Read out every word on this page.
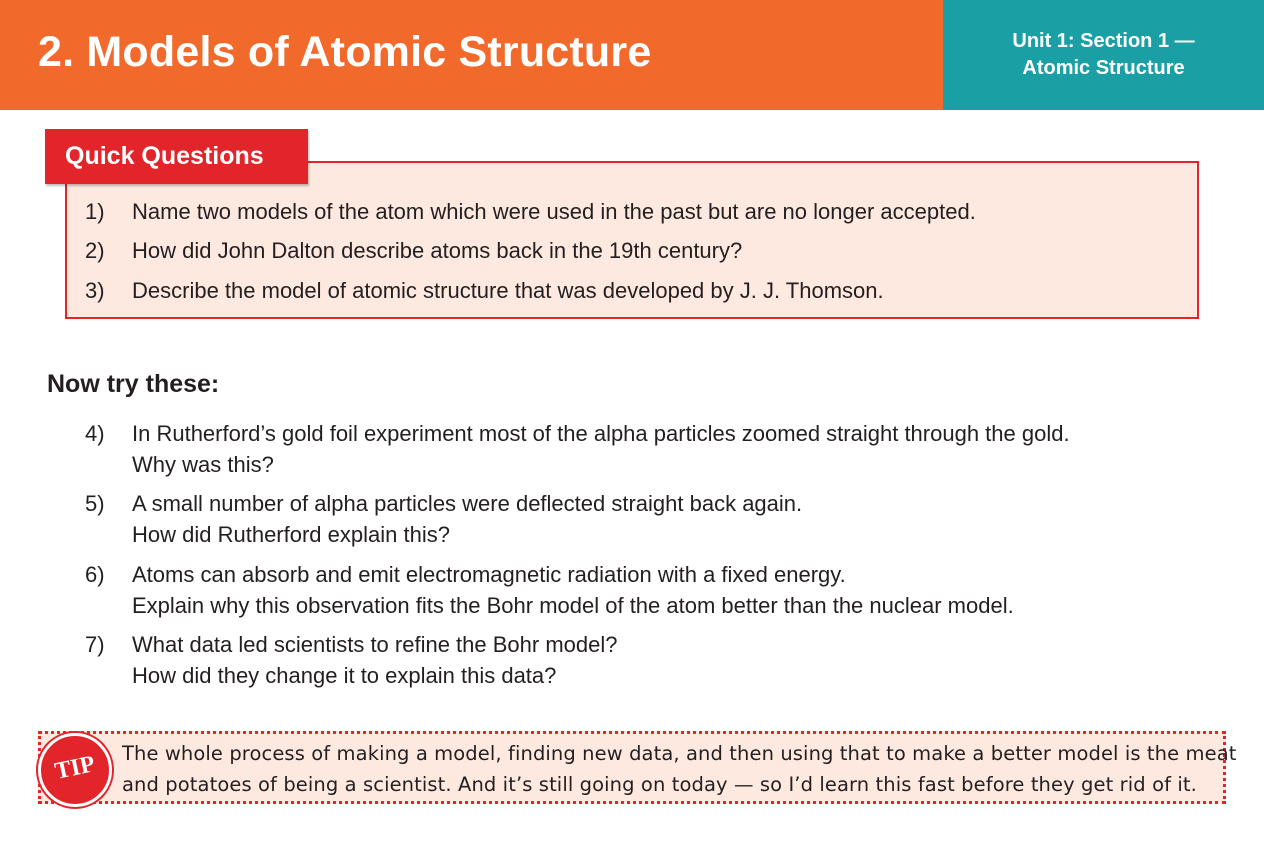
2. Models of Atomic Structure	Unit 1: Section 1 —
Atomic Structure
Quick Questions
1) Name two models of the atom which were used in the past but are no longer accepted.
2) How did John Dalton describe atoms back in the 19th century?
3) Describe the model of atomic structure that was developed by J. J. Thomson.
Now try these:
4) In Rutherford’s gold foil experiment most of the alpha particles zoomed straight through the gold.
Why was this?
5) A small number of alpha particles were deflected straight back again.
How did Rutherford explain this?
6) Atoms can absorb and emit electromagnetic radiation with a fixed energy.
Explain why this observation fits the Bohr model of the atom better than the nuclear model.
7) What data led scientists to refine the Bohr model?
How did they change it to explain this data?
TIP	The whole process of making a model, finding new data, and then using that to make a better model is the meat
and potatoes of being a scientist. And it’s still going on today — so I’d learn this fast before they get rid of it.
